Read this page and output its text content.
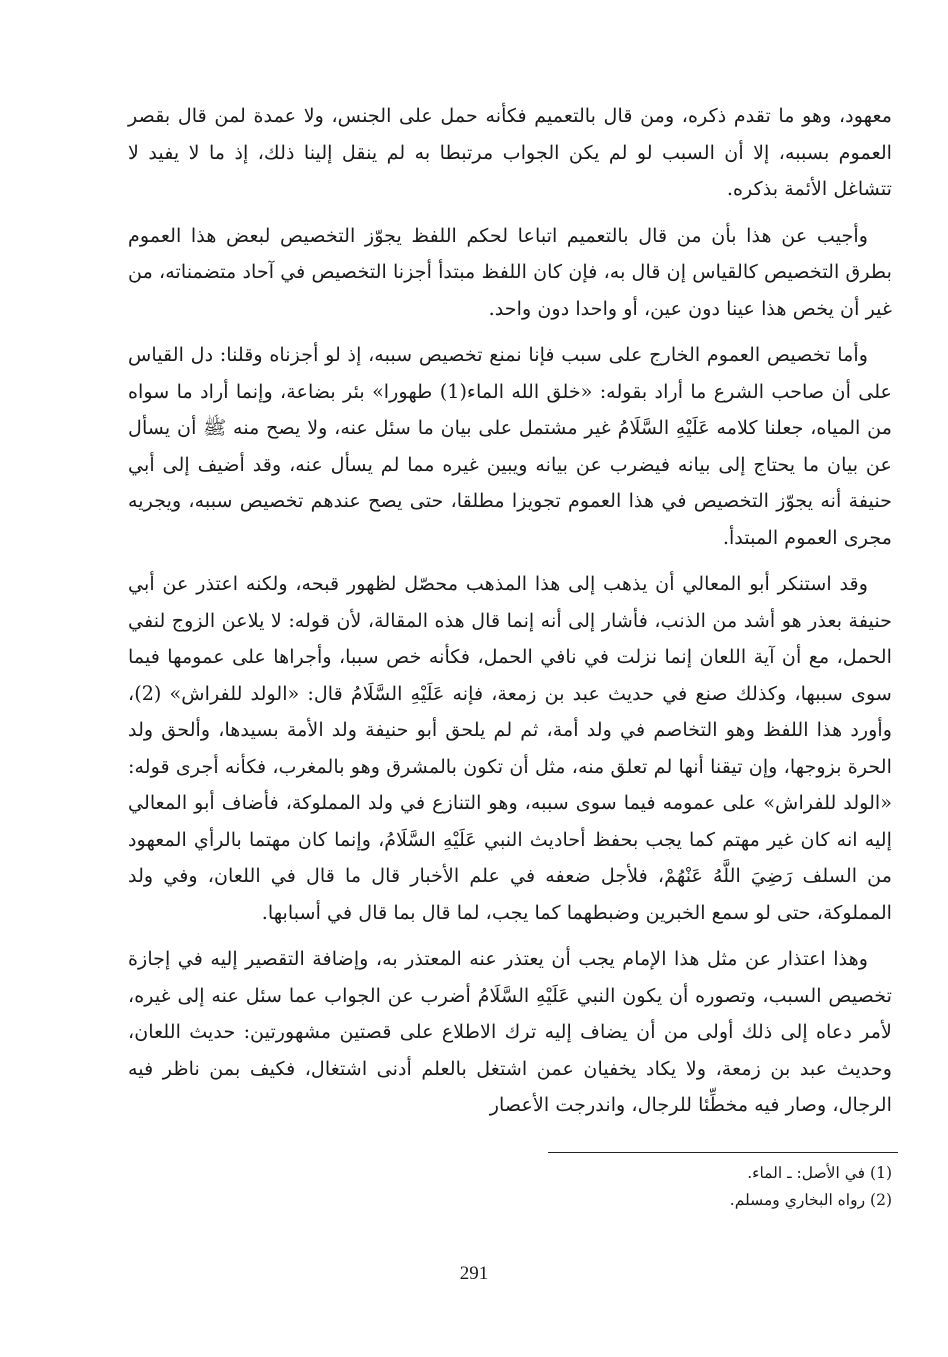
معهود، وهو ما تقدم ذكره، ومن قال بالتعميم فكأنه حمل على الجنس، ولا عمدة لمن قال بقصر العموم بسببه، إلا أن السبب لو لم يكن الجواب مرتبطا به لم ينقل إلينا ذلك، إذ ما لا يفيد لا تتشاغل الأئمة بذكره.

وأجيب عن هذا بأن من قال بالتعميم اتباعا لحكم اللفظ يجوّز التخصيص لبعض هذا العموم بطرق التخصيص كالقياس إن قال به، فإن كان اللفظ مبتدأ أجزنا التخصيص في آحاد متضمناته، من غير أن يخص هذا عينا دون عين، أو واحدا دون واحد.

وأما تخصيص العموم الخارج على سبب فإنا نمنع تخصيص سببه، إذ لو أجزناه وقلنا: دل القياس على أن صاحب الشرع ما أراد بقوله: «خلق الله الماء(1) طهورا» بئر بضاعة، وإنما أراد ما سواه من المياه، جعلنا كلامه عَلَيْهِ السَّلَامُ غير مشتمل على بيان ما سئل عنه، ولا يصح منه ﷺ أن يسأل عن بيان ما يحتاج إلى بيانه فيضرب عن بيانه ويبين غيره مما لم يسأل عنه، وقد أضيف إلى أبي حنيفة أنه يجوّز التخصيص في هذا العموم تجويزا مطلقا، حتى يصح عندهم تخصيص سببه، ويجريه مجرى العموم المبتدأ.

وقد استنكر أبو المعالي أن يذهب إلى هذا المذهب محصّل لظهور قبحه، ولكنه اعتذر عن أبي حنيفة بعذر هو أشد من الذنب، فأشار إلى أنه إنما قال هذه المقالة، لأن قوله: لا يلاعن الزوج لنفي الحمل، مع أن آية اللعان إنما نزلت في نافي الحمل، فكأنه خص سببا، وأجراها على عمومها فيما سوى سببها، وكذلك صنع في حديث عبد بن زمعة، فإنه عَلَيْهِ السَّلَامُ قال: «الولد للفراش» (2)، وأورد هذا اللفظ وهو التخاصم في ولد أمة، ثم لم يلحق أبو حنيفة ولد الأمة بسيدها، وألحق ولد الحرة بزوجها، وإن تيقنا أنها لم تعلق منه، مثل أن تكون بالمشرق وهو بالمغرب، فكأنه أجرى قوله: «الولد للفراش» على عمومه فيما سوى سببه، وهو التنازع في ولد المملوكة، فأضاف أبو المعالي إليه انه كان غير مهتم كما يجب بحفظ أحاديث النبي عَلَيْهِ السَّلَامُ، وإنما كان مهتما بالرأي المعهود من السلف رَضِيَ اللَّهُ عَنْهُمْ، فلأجل ضعفه في علم الأخبار قال ما قال في اللعان، وفي ولد المملوكة، حتى لو سمع الخبرين وضبطهما كما يجب، لما قال بما قال في أسبابها.

وهذا اعتذار عن مثل هذا الإمام يجب أن يعتذر عنه المعتذر به، وإضافة التقصير إليه في إجازة تخصيص السبب، وتصوره أن يكون النبي عَلَيْهِ السَّلَامُ أضرب عن الجواب عما سئل عنه إلى غيره، لأمر دعاه إلى ذلك أولى من أن يضاف إليه ترك الاطلاع على قصتين مشهورتين: حديث اللعان، وحديث عبد بن زمعة، ولا يكاد يخفيان عمن اشتغل بالعلم أدنى اشتغال، فكيف بمن ناظر فيه الرجال، وصار فيه مخطِّئا للرجال، واندرجت الأعصار

(1) في الأصل: ـ الماء.
(2) رواه البخاري ومسلم.
291
